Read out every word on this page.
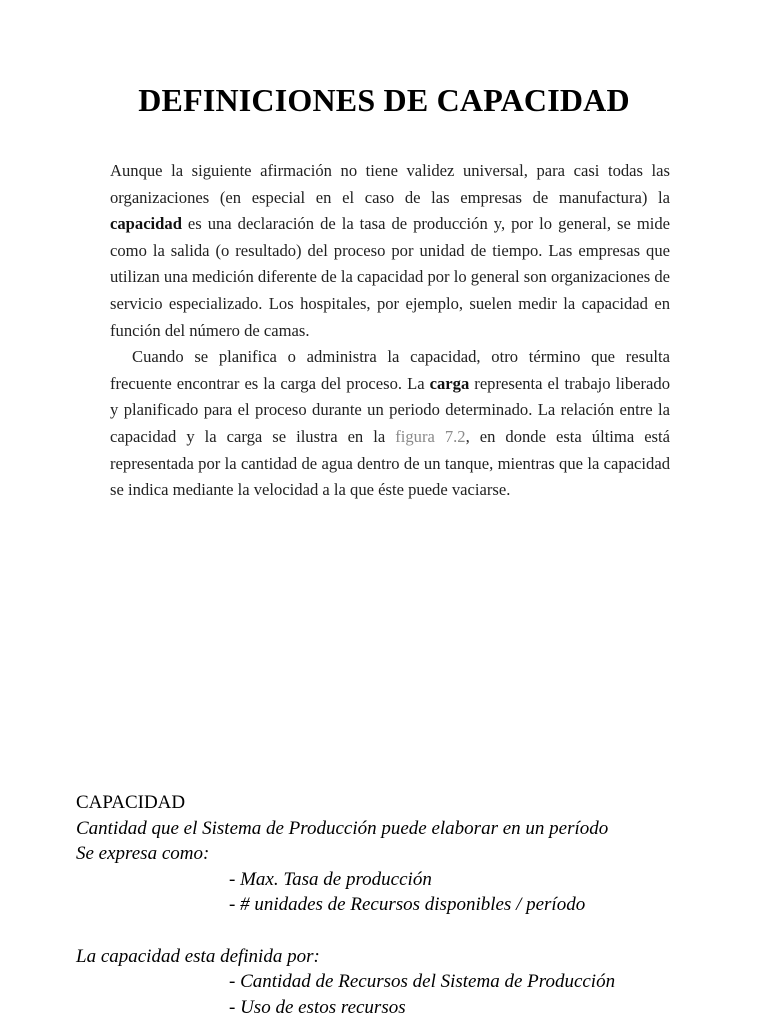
DEFINICIONES DE CAPACIDAD

Aunque la siguiente afirmación no tiene validez universal, para casi todas las organizaciones (en especial en el caso de las empresas de manufactura) la capacidad es una declaración de la tasa de producción y, por lo general, se mide como la salida (o resultado) del proceso por unidad de tiempo. Las empresas que utilizan una medición diferente de la capacidad por lo general son organizaciones de servicio especializado. Los hospitales, por ejemplo, suelen medir la capacidad en función del número de camas.

Cuando se planifica o administra la capacidad, otro término que resulta frecuente encontrar es la carga del proceso. La carga representa el trabajo liberado y planificado para el proceso durante un periodo determinado. La relación entre la capacidad y la carga se ilustra en la figura 7.2, en donde esta última está representada por la cantidad de agua dentro de un tanque, mientras que la capacidad se indica mediante la velocidad a la que éste puede vaciarse.

CAPACIDAD
Cantidad que el Sistema de Producción puede elaborar en un período
Se expresa como:
- Max. Tasa de producción
- # unidades de Recursos disponibles / período
La capacidad esta definida por:
- Cantidad de Recursos del Sistema de Producción
- Uso de estos recursos
